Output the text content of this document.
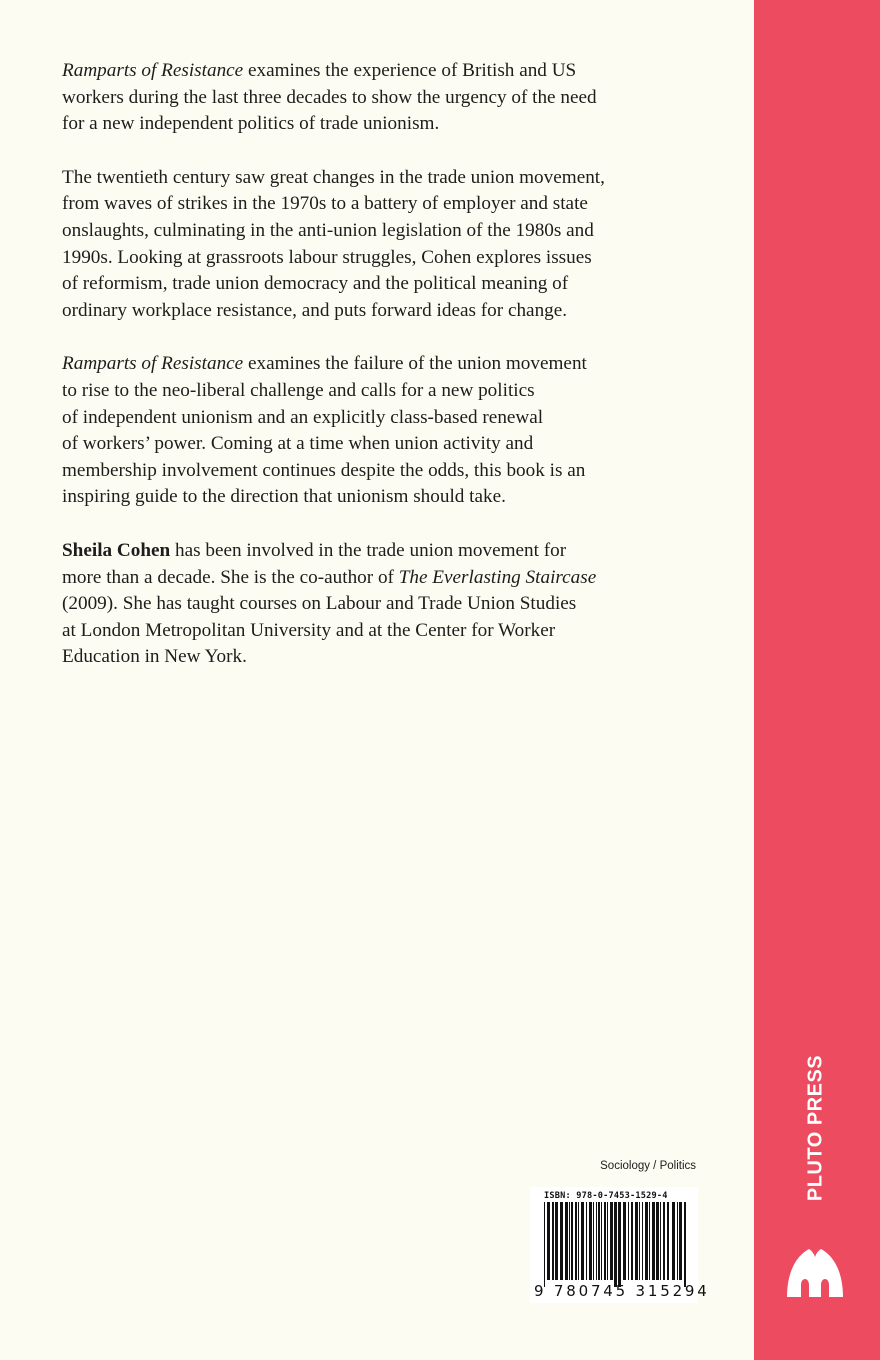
Ramparts of Resistance examines the experience of British and US
workers during the last three decades to show the urgency of the need
for a new independent politics of trade unionism.

The twentieth century saw great changes in the trade union movement,
from waves of strikes in the 1970s to a battery of employer and state
onslaughts, culminating in the anti-union legislation of the 1980s and
1990s. Looking at grassroots labour struggles, Cohen explores issues
of reformism, trade union democracy and the political meaning of
ordinary workplace resistance, and puts forward ideas for change.

Ramparts of Resistance examines the failure of the union movement
to rise to the neo-liberal challenge and calls for a new politics
of independent unionism and an explicitly class-based renewal
of workers’ power. Coming at a time when union activity and
membership involvement continues despite the odds, this book is an
inspiring guide to the direction that unionism should take.

Sheila Cohen has been involved in the trade union movement for
more than a decade. She is the co-author of The Everlasting Staircase
(2009). She has taught courses on Labour and Trade Union Studies
at London Metropolitan University and at the Center for Worker
Education in New York.

Sociology / Politics
ISBN: 978-0-7453-1529-4
9 780745 315294
PLUTO PRESS
